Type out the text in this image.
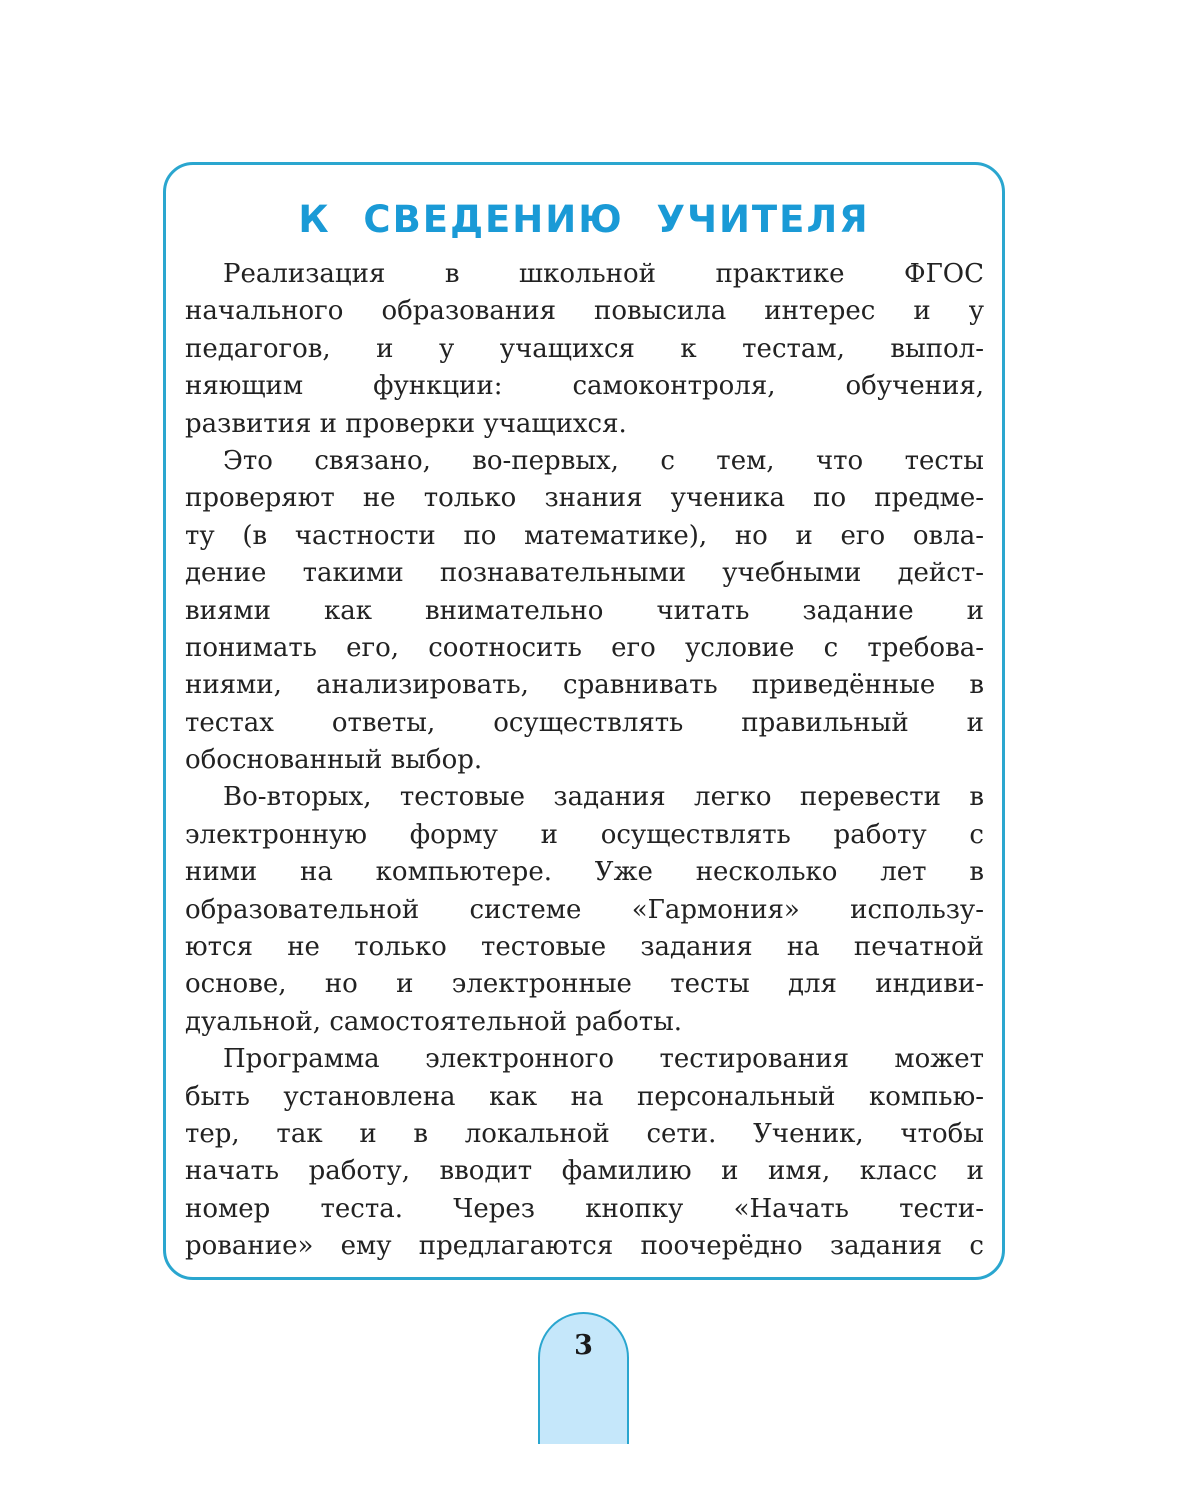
К СВЕДЕНИЮ УЧИТЕЛЯ
Реализация в школьной практике ФГОС
начального образования повысила интерес и у
педагогов, и у учащихся к тестам, выпол-
няющим функции: самоконтроля, обучения,
развития и проверки учащихся.
Это связано, во-первых, с тем, что тесты
проверяют не только знания ученика по предме-
ту (в частности по математике), но и его овла-
дение такими познавательными учебными дейст-
виями как внимательно читать задание и
понимать его, соотносить его условие с требова-
ниями, анализировать, сравнивать приведённые в
тестах ответы, осуществлять правильный и
обоснованный выбор.
Во-вторых, тестовые задания легко перевести в
электронную форму и осуществлять работу с
ними на компьютере. Уже несколько лет в
образовательной системе «Гармония» использу-
ются не только тестовые задания на печатной
основе, но и электронные тесты для индиви-
дуальной, самостоятельной работы.
Программа электронного тестирования может
быть установлена как на персональный компью-
тер, так и в локальной сети. Ученик, чтобы
начать работу, вводит фамилию и имя, класс и
номер теста. Через кнопку «Начать тести-
рование» ему предлагаются поочерёдно задания с
3
